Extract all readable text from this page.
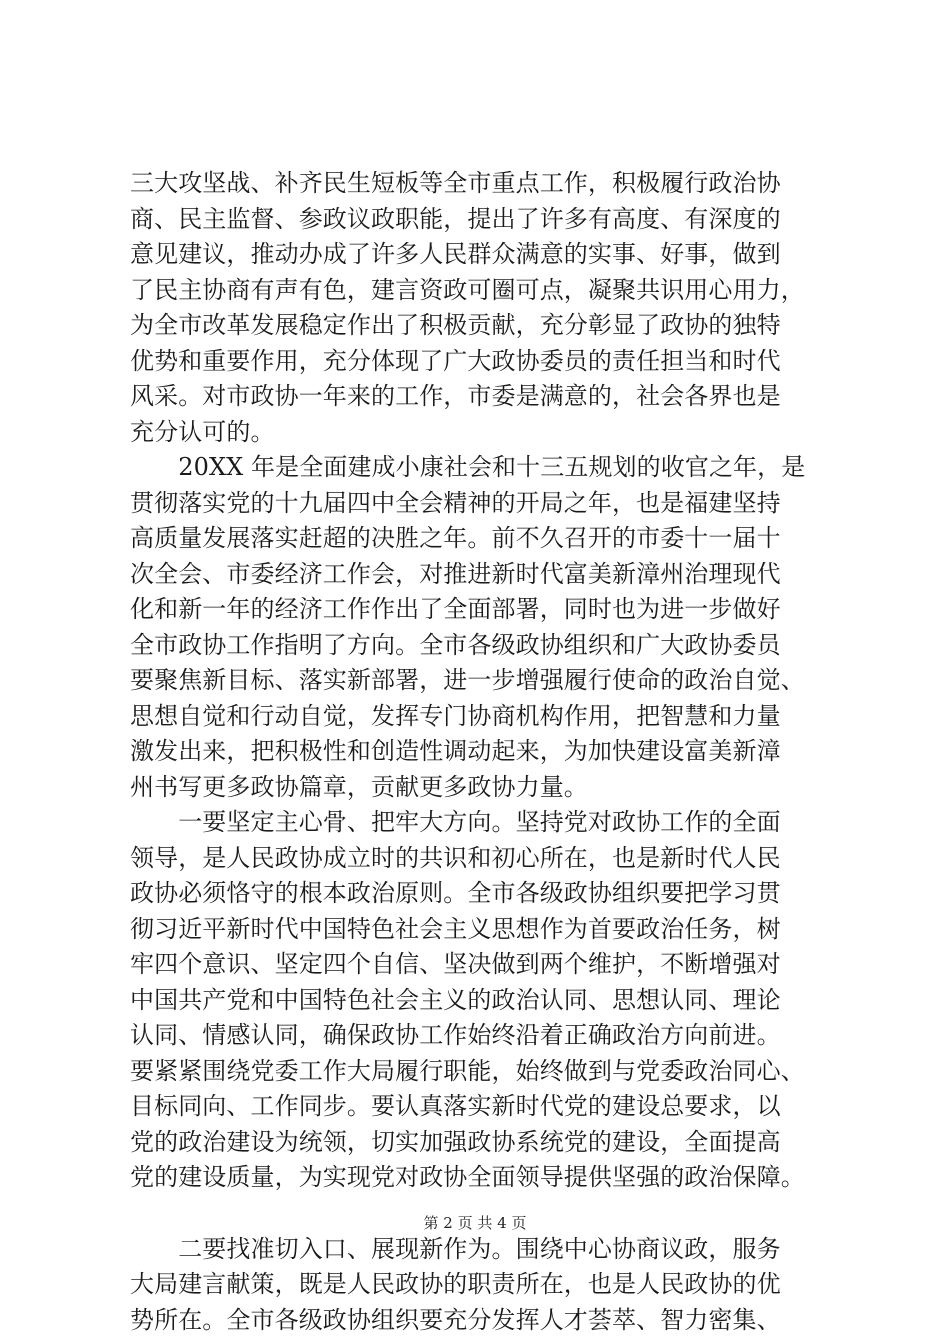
三大攻坚战、补齐民生短板等全市重点工作，积极履行政治协
商、民主监督、参政议政职能，提出了许多有高度、有深度的
意见建议，推动办成了许多人民群众满意的实事、好事，做到
了民主协商有声有色，建言资政可圈可点，凝聚共识用心用力，
为全市改革发展稳定作出了积极贡献，充分彰显了政协的独特
优势和重要作用，充分体现了广大政协委员的责任担当和时代
风采。对市政协一年来的工作，市委是满意的，社会各界也是
充分认可的。
　　20XX 年是全面建成小康社会和十三五规划的收官之年，是
贯彻落实党的十九届四中全会精神的开局之年，也是福建坚持
高质量发展落实赶超的决胜之年。前不久召开的市委十一届十
次全会、市委经济工作会，对推进新时代富美新漳州治理现代
化和新一年的经济工作作出了全面部署，同时也为进一步做好
全市政协工作指明了方向。全市各级政协组织和广大政协委员
要聚焦新目标、落实新部署，进一步增强履行使命的政治自觉、
思想自觉和行动自觉，发挥专门协商机构作用，把智慧和力量
激发出来，把积极性和创造性调动起来，为加快建设富美新漳
州书写更多政协篇章，贡献更多政协力量。
　　一要坚定主心骨、把牢大方向。坚持党对政协工作的全面
领导，是人民政协成立时的共识和初心所在，也是新时代人民
政协必须恪守的根本政治原则。全市各级政协组织要把学习贯
彻习近平新时代中国特色社会主义思想作为首要政治任务，树
牢四个意识、坚定四个自信、坚决做到两个维护，不断增强对
中国共产党和中国特色社会主义的政治认同、思想认同、理论
认同、情感认同，确保政协工作始终沿着正确政治方向前进。
要紧紧围绕党委工作大局履行职能，始终做到与党委政治同心、
目标同向、工作同步。要认真落实新时代党的建设总要求，以
党的政治建设为统领，切实加强政协系统党的建设，全面提高
党的建设质量，为实现党对政协全面领导提供坚强的政治保障。
　　二要找准切入口、展现新作为。围绕中心协商议政，服务
大局建言献策，既是人民政协的职责所在，也是人民政协的优
势所在。全市各级政协组织要充分发挥人才荟萃、智力密集、
第 2 页 共 4 页
